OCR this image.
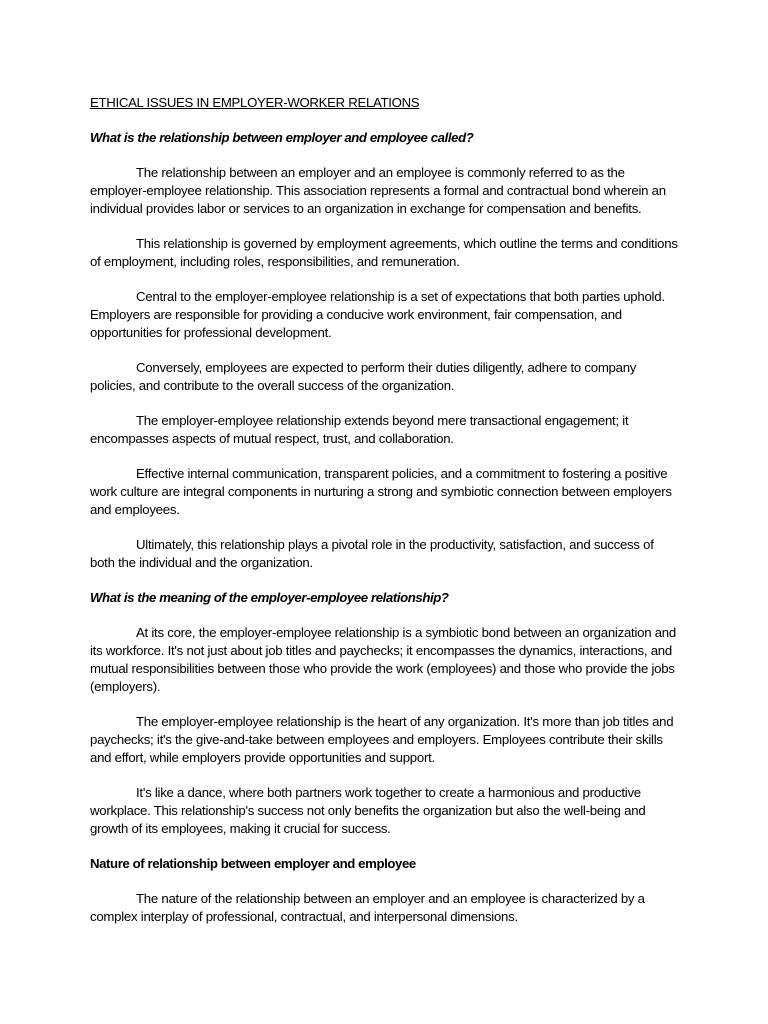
ETHICAL ISSUES IN EMPLOYER-WORKER RELATIONS
What is the relationship between employer and employee called?

The relationship between an employer and an employee is commonly referred to as the employer-employee relationship. This association represents a formal and contractual bond wherein an individual provides labor or services to an organization in exchange for compensation and benefits.

This relationship is governed by employment agreements, which outline the terms and conditions of employment, including roles, responsibilities, and remuneration.

Central to the employer-employee relationship is a set of expectations that both parties uphold. Employers are responsible for providing a conducive work environment, fair compensation, and opportunities for professional development.

Conversely, employees are expected to perform their duties diligently, adhere to company policies, and contribute to the overall success of the organization.

The employer-employee relationship extends beyond mere transactional engagement; it encompasses aspects of mutual respect, trust, and collaboration.

Effective internal communication, transparent policies, and a commitment to fostering a positive work culture are integral components in nurturing a strong and symbiotic connection between employers and employees.

Ultimately, this relationship plays a pivotal role in the productivity, satisfaction, and success of both the individual and the organization.

What is the meaning of the employer-employee relationship?

At its core, the employer-employee relationship is a symbiotic bond between an organization and its workforce. It's not just about job titles and paychecks; it encompasses the dynamics, interactions, and mutual responsibilities between those who provide the work (employees) and those who provide the jobs (employers).

The employer-employee relationship is the heart of any organization. It's more than job titles and paychecks; it's the give-and-take between employees and employers. Employees contribute their skills and effort, while employers provide opportunities and support.

It's like a dance, where both partners work together to create a harmonious and productive workplace. This relationship's success not only benefits the organization but also the well-being and growth of its employees, making it crucial for success.

Nature of relationship between employer and employee

The nature of the relationship between an employer and an employee is characterized by a complex interplay of professional, contractual, and interpersonal dimensions.
